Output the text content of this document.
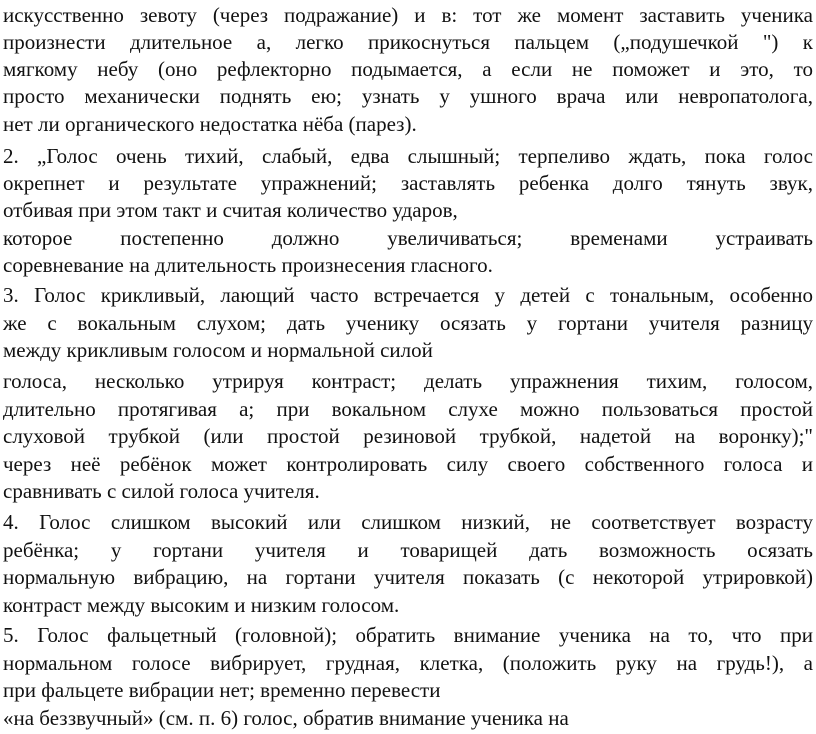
искусственно зевоту (через подражание) и в: тот же момент заставить ученика
произнести длительное а, легко прикоснуться пальцем („подушечкой ") к
мягкому небу (оно рефлекторно подымается, а если не поможет и это, то
просто механически поднять ею; узнать у ушного врача или невропатолога,
нет ли органического недостатка нёба (парез).
2. „Голос очень тихий, слабый, едва слышный; терпеливо ждать, пока голос
окрепнет и результате упражнений; заставлять ребенка долго тянуть звук,
отбивая при этом такт и считая количество ударов,
которое постепенно должно увеличиваться; временами устраивать
соревневание на длительность произнесения гласного.
3. Голос крикливый, лающий часто встречается у детей с тональным, особенно
же с вокальным слухом; дать ученику осязать у гортани учителя разницу
между крикливым голосом и нормальной силой
голоса, несколько утрируя контраст; делать упражнения тихим, голосом,
длительно протягивая а; при вокальном слухе можно пользоваться простой
слуховой трубкой (или простой резиновой трубкой, надетой на воронку);"
через неё ребёнок может контролировать силу своего собственного голоса и
сравнивать с силой голоса учителя.
4. Голос слишком высокий или слишком низкий, не соответствует возрасту
ребёнка; у гортани учителя и товарищей дать возможность осязать
нормальную вибрацию, на гортани учителя показать (с некоторой утрировкой)
контраст между высоким и низким голосом.
5. Голос фальцетный (головной); обратить внимание ученика на то, что при
нормальном голосе вибрирует, грудная, клетка, (положить руку на грудь!), а
при фальцете вибрации нет; временно перевести
«на беззвучный» (см. п. 6) голос, обратив внимание ученика на
